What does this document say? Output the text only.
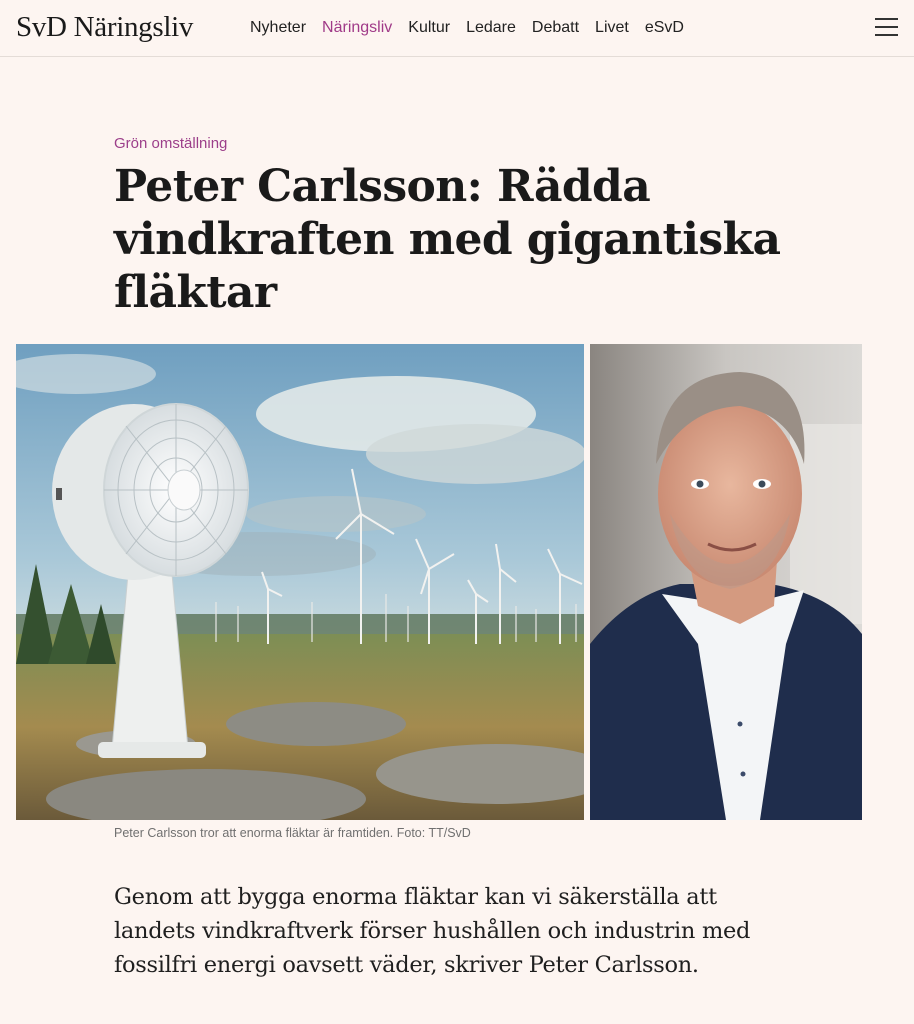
SvD Näringsliv	Nyheter Näringsliv Kultur Ledare Debatt Livet eSvD
Grön omställning
Peter Carlsson: Rädda vindkraften med gigantiska fläktar
Peter Carlsson tror att enorma fläktar är framtiden. Foto: TT/SvD

Genom att bygga enorma fläktar kan vi säkerställa att landets vindkraftverk förser hushållen och industrin med fossilfri energi oavsett väder, skriver Peter Carlsson.
